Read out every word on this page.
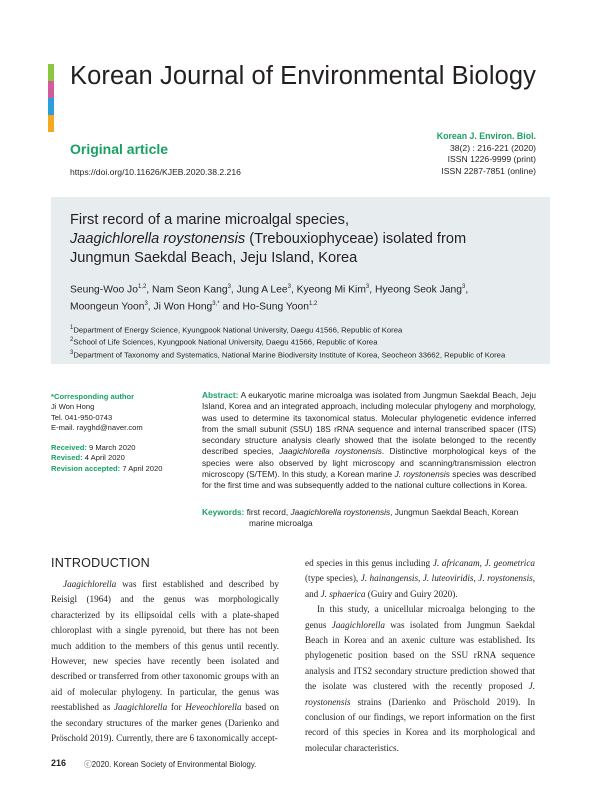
Korean Journal of Environmental Biology
Original article
https://doi.org/10.11626/KJEB.2020.38.2.216
Korean J. Environ. Biol.
38(2) : 216-221 (2020)
ISSN 1226-9999 (print)
ISSN 2287-7851 (online)
First record of a marine microalgal species,
Jaagichlorella roystonensis (Trebouxiophyceae) isolated from
Jungmun Saekdal Beach, Jeju Island, Korea
Seung-Woo Jo$^{1,2}$, Nam Seon Kang$^3$, Jung A Lee$^3$, Kyeong Mi Kim$^3$, Hyeong Seok Jang$^3$,
Moongeun Yoon$^3$, Ji Won Hong$^{3,*}$ and Ho-Sung Yoon$^{1,2}$
$^1$Department of Energy Science, Kyungpook National University, Daegu 41566, Republic of Korea
$^2$School of Life Sciences, Kyungpook National University, Daegu 41566, Republic of Korea
$^3$Department of Taxonomy and Systematics, National Marine Biodiversity Institute of Korea, Seocheon 33662, Republic of Korea
*Corresponding author
Ji Won Hong
Tel. 041-950-0743
E-mail. rayghd@naver.com
Received: 9 March 2020
Revised: 4 April 2020
Revision accepted: 7 April 2020
Abstract: A eukaryotic marine microalga was isolated from Jungmun Saekdal Beach, Jeju Island, Korea and an integrated approach, including molecular phylogeny and morphology, was used to determine its taxonomical status. Molecular phylogenetic evidence inferred from the small subunit (SSU) 18S rRNA sequence and internal transcribed spacer (ITS) secondary structure analysis clearly showed that the isolate belonged to the recently described species, Jaagichlorella roystonensis. Distinctive morphological keys of the species were also observed by light microscopy and scanning/transmission electron microscopy (S/TEM). In this study, a Korean marine J. roystonensis species was described for the first time and was subsequently added to the national culture collections in Korea.
Keywords: first record, Jaagichlorella roystonensis, Jungmun Saekdal Beach, Korean
marine microalga
INTRODUCTION

Jaagichlorella was first established and described by Reisigl (1964) and the genus was morphologically characterized by its ellipsoidal cells with a plate-shaped chloroplast with a single pyrenoid, but there has not been much addition to the members of this genus until recently. However, new species have recently been isolated and described or transferred from other taxonomic groups with an aid of molecular phylogeny. In particular, the genus was reestablished as Jaagichlorella for Heveochlorella based on the secondary structures of the marker genes (Darienko and Pröschold 2019). Currently, there are 6 taxonomically accept-

ed species in this genus including J. africanam, J. geometrica (type species), J. hainangensis, J. luteoviridis, J. roystonensis, and J. sphaerica (Guiry and Guiry 2020).

In this study, a unicellular microalga belonging to the genus Jaagichlorella was isolated from Jungmun Saekdal Beach in Korea and an axenic culture was established. Its phylogenetic position based on the SSU rRNA sequence analysis and ITS2 secondary structure prediction showed that the isolate was clustered with the recently proposed J. roystonensis strains (Darienko and Pröschold 2019). In conclusion of our findings, we report information on the first record of this species in Korea and its morphological and molecular characteristics.

216 ⓒ2020. Korean Society of Environmental Biology.
